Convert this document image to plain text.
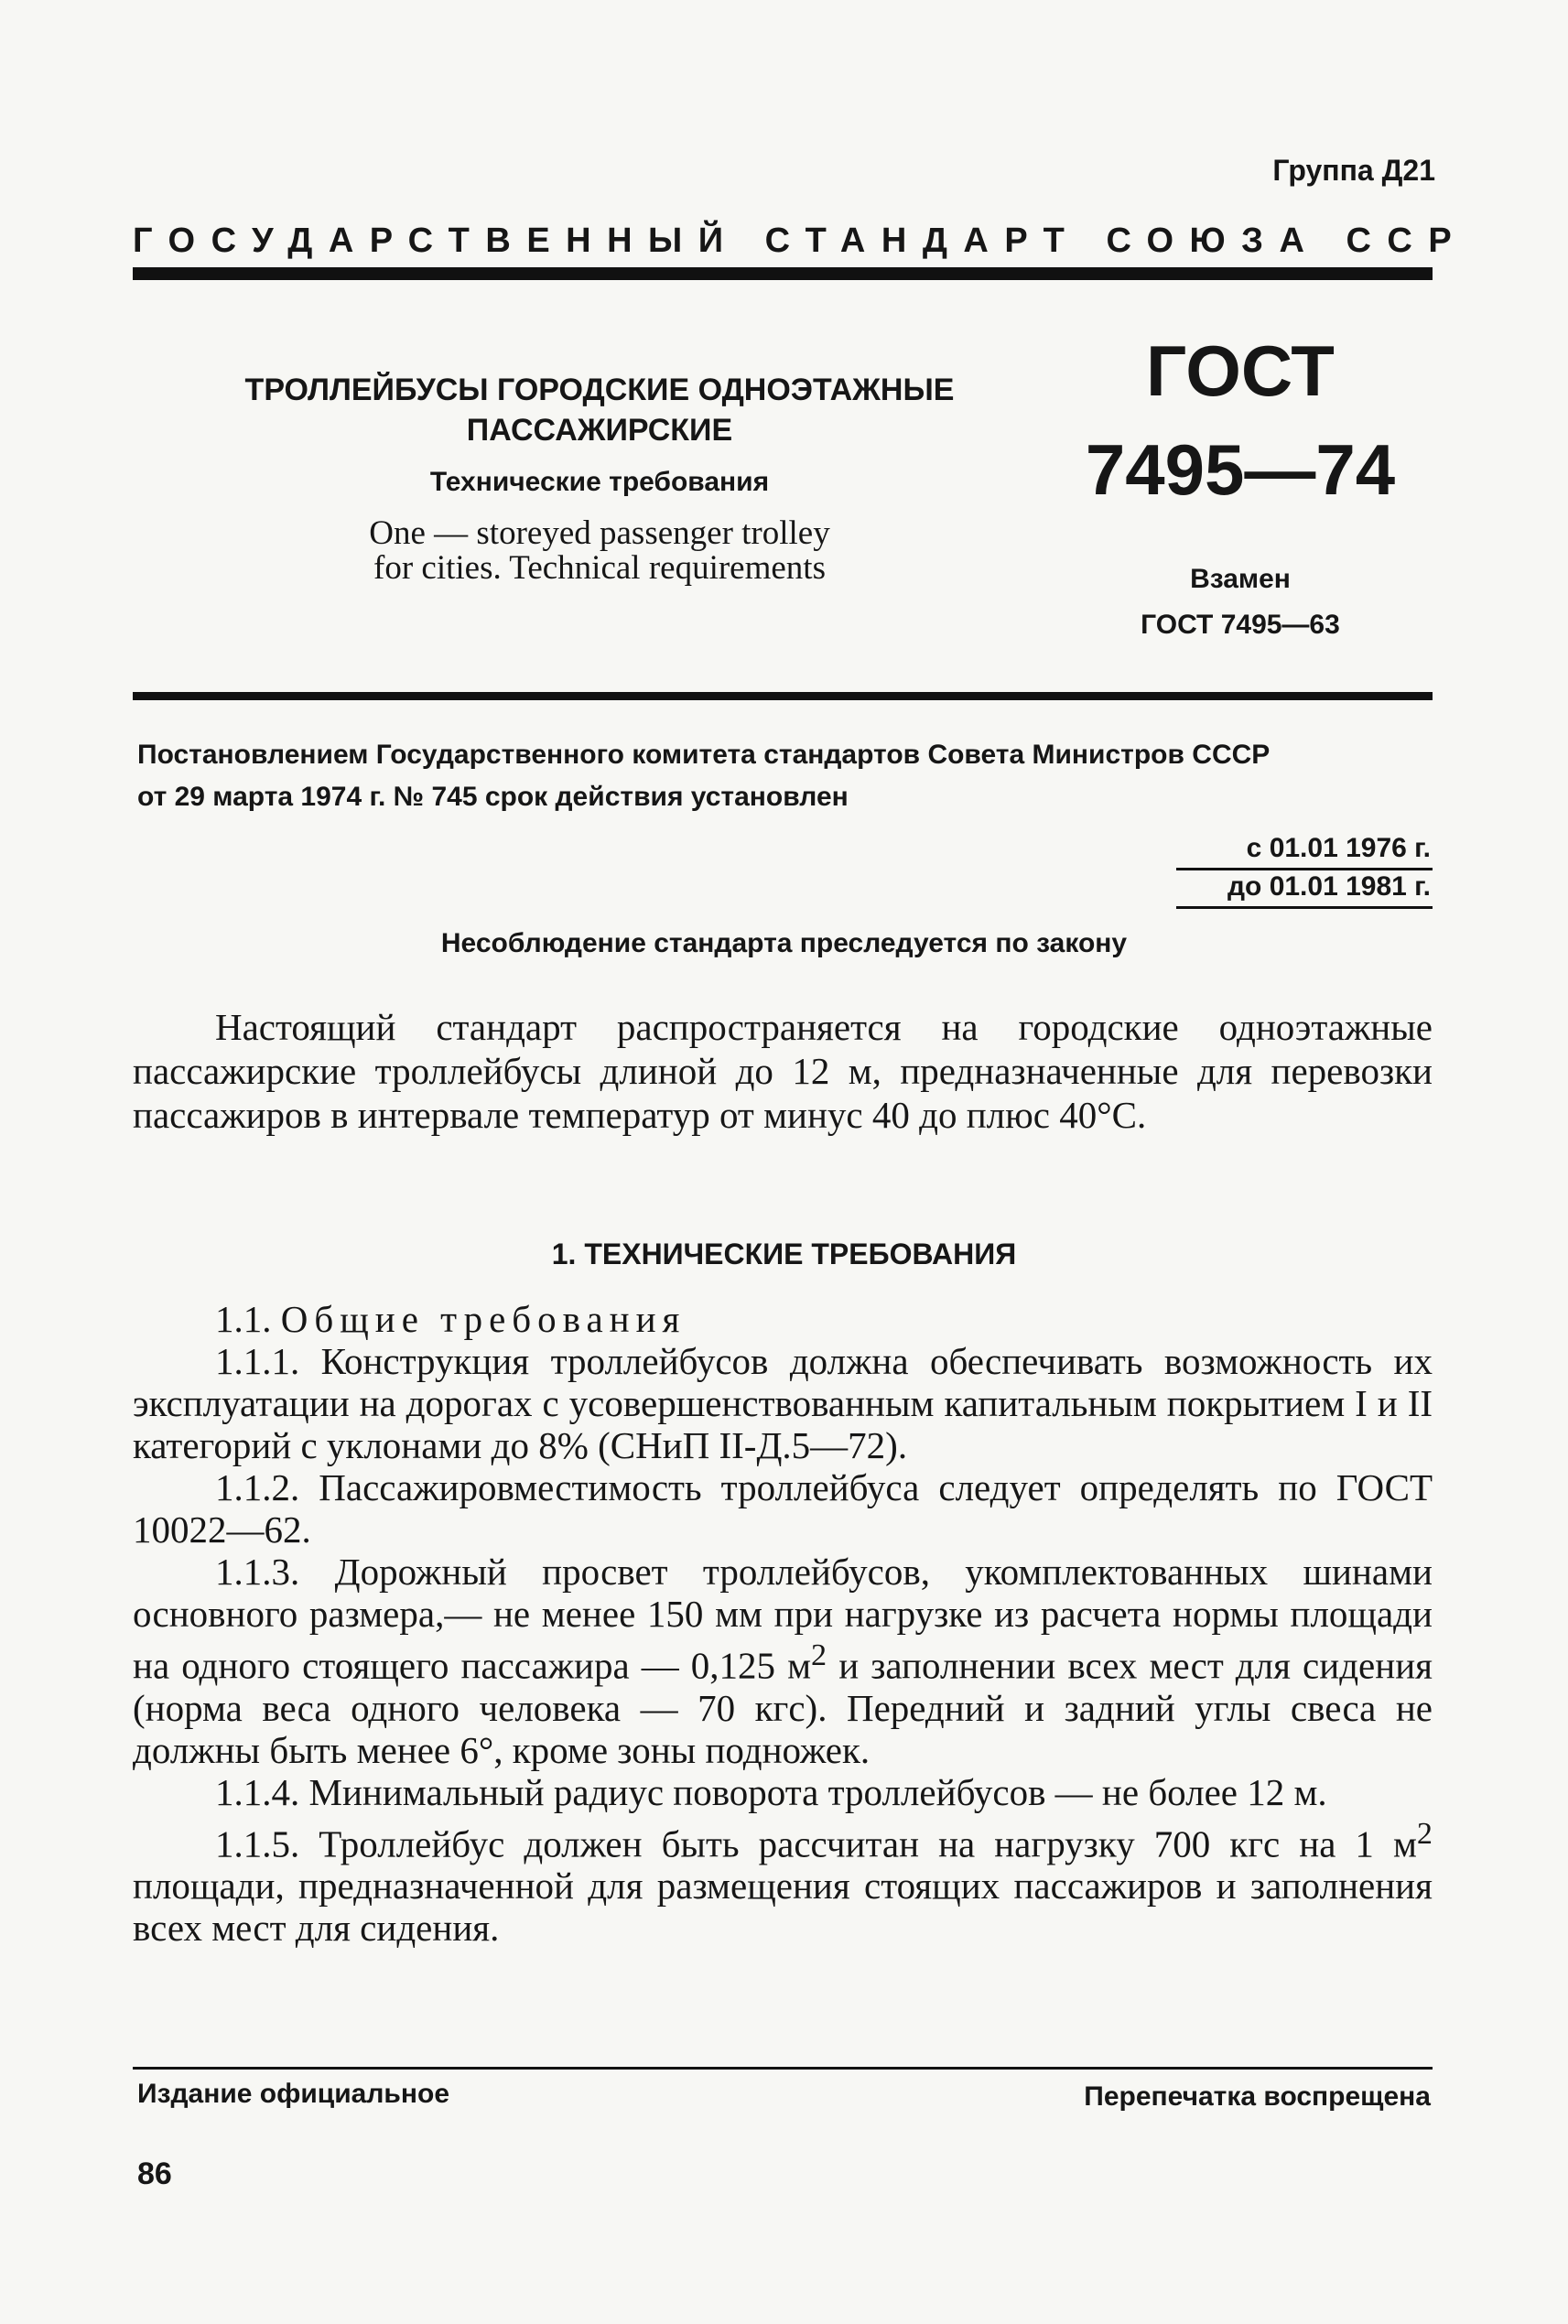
Группа Д21
ГОСУДАРСТВЕННЫЙ СТАНДАРТ СОЮЗА ССР
ТРОЛЛЕЙБУСЫ ГОРОДСКИЕ ОДНОЭТАЖНЫЕ
ПАССАЖИРСКИЕ
Технические требования
One — storeyed passenger trolley
for cities. Technical requirements
ГОСТ
7495—74
Взамен
ГОСТ 7495—63
Постановлением Государственного комитета стандартов Совета Министров СССР
от 29 марта 1974 г. № 745 срок действия установлен
с 01.01 1976 г.
до 01.01 1981 г.
Несоблюдение стандарта преследуется по закону
Настоящий стандарт распространяется на городские одноэтажные пассажирские троллейбусы длиной до 12 м, предназначенные для перевозки пассажиров в интервале температур от минус 40 до плюс 40°С.
1. ТЕХНИЧЕСКИЕ ТРЕБОВАНИЯ

1.1. Общие требования

1.1.1. Конструкция троллейбусов должна обеспечивать возможность их эксплуатации на дорогах с усовершенствованным капитальным покрытием I и II категорий с уклонами до 8% (СНиП II-Д.5—72).

1.1.2. Пассажировместимость троллейбуса следует определять по ГОСТ 10022—62.

1.1.3. Дорожный просвет троллейбусов, укомплектованных шинами основного размера,— не менее 150 мм при нагрузке из расчета нормы площади на одного стоящего пассажира — 0,125 $м^2$ и заполнении всех мест для сидения (норма веса одного человека — 70 кгс). Передний и задний углы свеса не должны быть менее 6°, кроме зоны подножек.

1.1.4. Минимальный радиус поворота троллейбусов — не более 12 м.

1.1.5. Троллейбус должен быть рассчитан на нагрузку 700 кгс на 1 $м^2$ площади, предназначенной для размещения стоящих пассажиров и заполнения всех мест для сидения.

Издание официальное	Перепечатка воспрещена
86
